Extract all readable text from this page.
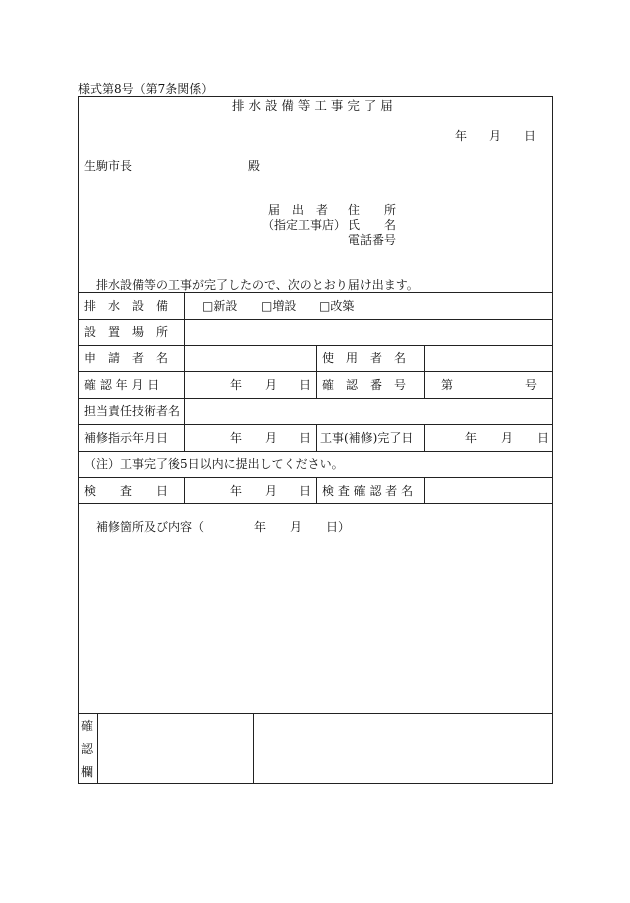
様式第8号（第7条関係）
排 水 設 備 等 工 事 完 了 届
年 月 日
生駒市長	殿
届　出　者 住　　所
（指定工事店） 氏　　名
電話番号
排水設備等の工事が完了したので、次のとおり届け出ます。
排　水　設　備	□新設 □増設 □改築
設　置　場　所
申　請　者　名	使　用　者　名
確 認 年 月 日	年 月 日 確　認　番　号	第	号
担当責任技術者名
補修指示年月日	年 月 日 工事(補修)完了日	年 月 日
（注）工事完了後5日以内に提出してください。
検　　査　　日	年 月 日 検 査 確 認 者 名
補修箇所及び内容（	年　　月　　日）
確
認
欄
